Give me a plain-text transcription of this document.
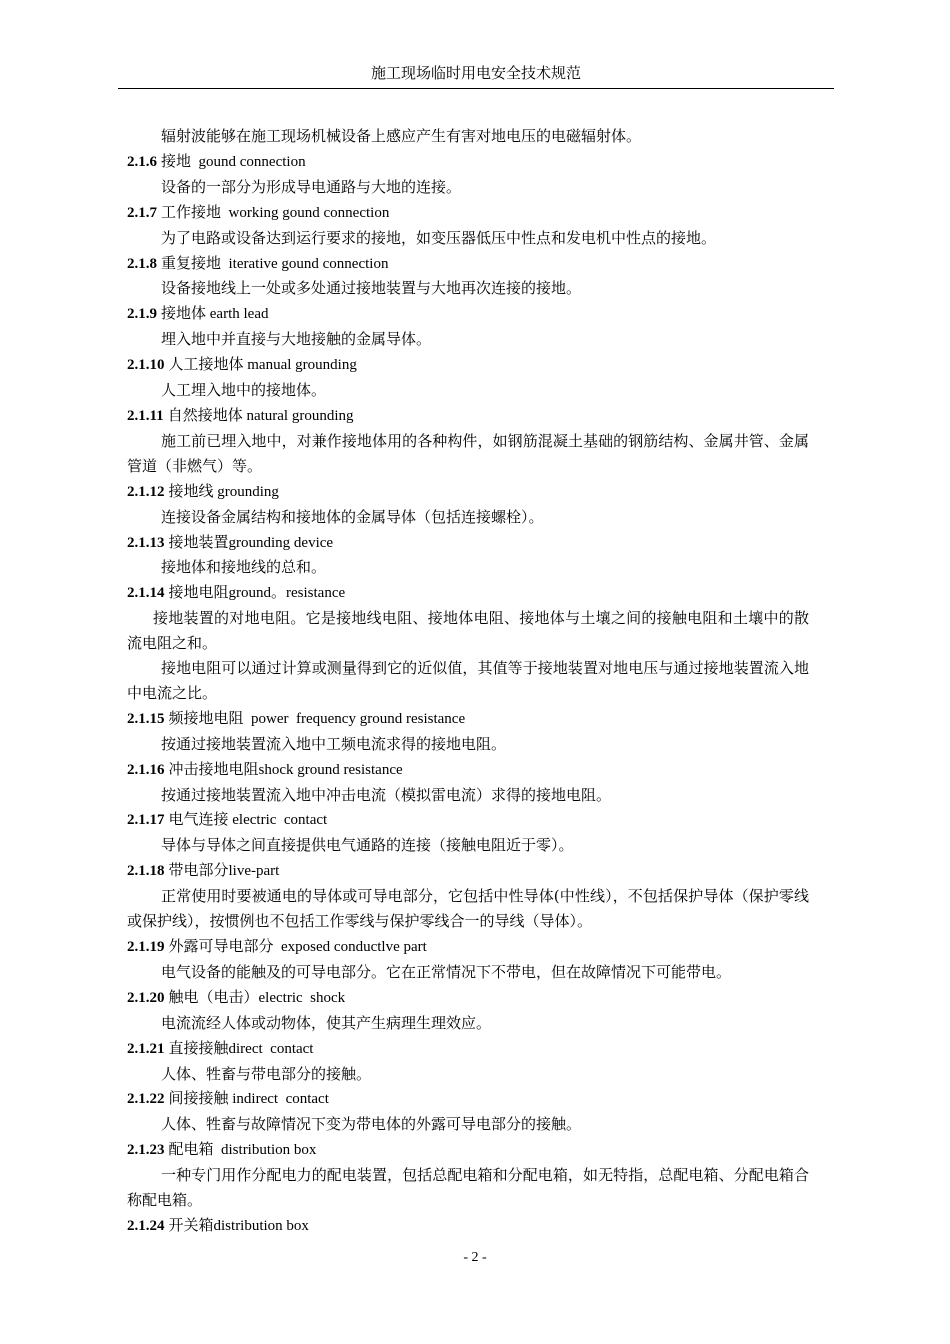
施工现场临时用电安全技术规范

辐射波能够在施工现场机械设备上感应产生有害对地电压的电磁辐射体。

2.1.6 接地  gound connection

设备的一部分为形成导电通路与大地的连接。

2.1.7 工作接地  working gound connection

为了电路或设备达到运行要求的接地，如变压器低压中性点和发电机中性点的接地。

2.1.8 重复接地  iterative gound connection

设备接地线上一处或多处通过接地装置与大地再次连接的接地。

2.1.9 接地体 earth lead

埋入地中并直接与大地接触的金属导体。

2.1.10 人工接地体 manual grounding

人工埋入地中的接地体。

2.1.11 自然接地体 natural grounding

施工前已埋入地中，对兼作接地体用的各种构件，如钢筋混凝土基础的钢筋结构、金属井管、金属管道（非燃气）等。

2.1.12 接地线 grounding

连接设备金属结构和接地体的金属导体（包括连接螺栓）。

2.1.13 接地装置grounding device

接地体和接地线的总和。

2.1.14 接地电阻ground。resistance

接地装置的对地电阻。它是接地线电阻、接地体电阻、接地体与土壤之间的接触电阻和土壤中的散流电阻之和。

接地电阻可以通过计算或测量得到它的近似值，其值等于接地装置对地电压与通过接地装置流入地中电流之比。

2.1.15 频接地电阻  power  frequency ground resistance

按通过接地装置流入地中工频电流求得的接地电阻。

2.1.16 冲击接地电阻shock ground resistance

按通过接地装置流入地中冲击电流（模拟雷电流）求得的接地电阻。

2.1.17 电气连接 electric  contact

导体与导体之间直接提供电气通路的连接（接触电阻近于零）。

2.1.18 带电部分live-part

正常使用时要被通电的导体或可导电部分，它包括中性导体(中性线），不包括保护导体（保护零线或保护线），按惯例也不包括工作零线与保护零线合一的导线（导体）。

2.1.19 外露可导电部分  exposed conductlve part

电气设备的能触及的可导电部分。它在正常情况下不带电，但在故障情况下可能带电。

2.1.20 触电（电击）electric  shock

电流流经人体或动物体，使其产生病理生理效应。

2.1.21 直接接触direct  contact

人体、牲畜与带电部分的接触。

2.1.22 间接接触 indirect  contact

人体、牲畜与故障情况下变为带电体的外露可导电部分的接触。

2.1.23 配电箱  distribution box

一种专门用作分配电力的配电装置，包括总配电箱和分配电箱，如无特指，总配电箱、分配电箱合称配电箱。

2.1.24 开关箱distribution box

- 2 -
